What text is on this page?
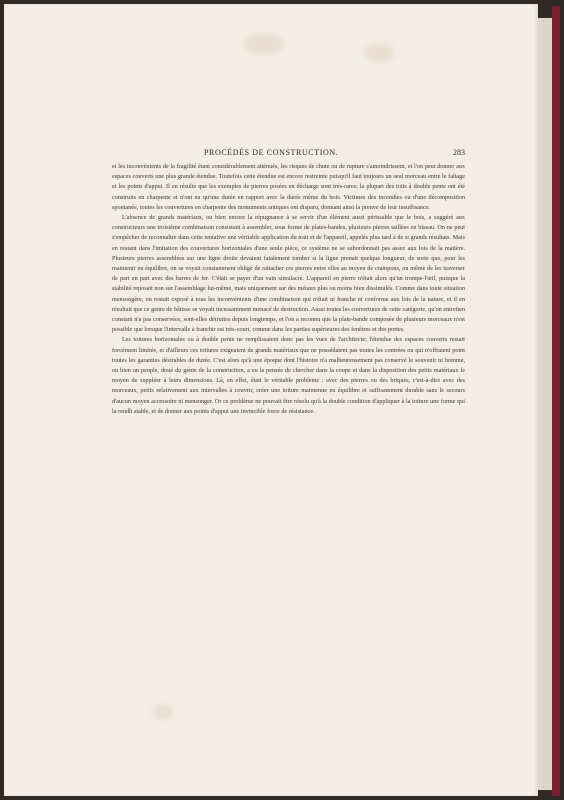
PROCÉDÉS DE CONSTRUCTION.	283

et les inconvénients de la fragilité étant considérablement atténués, les risques de chute ou de rupture s'amoindrissent, et l'on peut donner aux espaces couverts une plus grande étendue. Toutefois cette étendue est encore restreinte puisqu'il faut toujours un seul morceau entre le faîtage et les points d'appui. Il en résulte que les exemples de pierres posées en décharge sont très-rares; la plupart des toits à double pente ont été construits en charpente et n'ont eu qu'une durée en rapport avec la durée même du bois. Victimes des incendies ou d'une décomposition spontanée, toutes les couvertures en charpente des monuments antiques ont disparu, donnant ainsi la preuve de leur insuffisance.

L'absence de grands matériaux, ou bien encore la répugnance à se servir d'un élément aussi périssable que le bois, a suggéré aux constructeurs une troisième combinaison consistant à assembler, sous forme de plates-bandes, plusieurs pierres taillées en biseau. On ne peut s'empêcher de reconnaître dans cette tentative une véritable application du trait et de l'appareil, appelés plus tard à de si grands résultats. Mais en restant dans l'imitation des couvertures horizontales d'une seule pièce, ce système ne se subordonnait pas assez aux lois de la matière. Plusieurs pierres assemblées sur une ligne droite devaient fatalement tomber si la ligne prenait quelque longueur, de sorte que, pour les maintenir en équilibre, on se voyait constamment obligé de rattacher ces pierres entre elles au moyen de crampons, ou même de les traverser de part en part avec des barres de fer. C'était se payer d'un vain simulacre. L'appareil en pierre n'était alors qu'un trompe-l'œil, puisque la stabilité reposait non sur l'assemblage lui-même, mais uniquement sur des métaux plus ou moins bien dissimulés. Comme dans toute situation mensongère, on restait exposé à tous les inconvénients d'une combinaison qui n'était ni franche ni conforme aux lois de la nature, et il en résultait que ce genre de bâtisse se voyait incessamment menacé de destruction. Aussi toutes les couvertures de cette catégorie, qu'on entretien constant n'a pas conservées, sont-elles détruites depuis longtemps, et l'on a reconnu que la plate-bande composée de plusieurs morceaux n'est possible que lorsque l'intervalle à franchir est très-court, comme dans les parties supérieures des fenêtres et des portes.

Les toitures horizontales ou à double pente ne remplissaient donc pas les vues de l'architecte; l'étendue des espaces couverts restait forcément limitée, et d'ailleurs ces toitures exigeaient de grands matériaux que ne possédaient pas toutes les contrées ou qui n'offraient point toutes les garanties désirables de durée. C'est alors qu'à une époque dont l'histoire n'a malheureusement pas conservé le souvenir ni homme, ou bien un peuple, doué du génie de la construction, a eu la pensée de chercher dans la coupe et dans la disposition des petits matériaux le moyen de suppléer à leurs dimensions. Là, en effet, était le véritable problème : avec des pierres ou des briques, c'est-à-dire avec des morceaux, petits relativement aux intervalles à couvrir, créer une toiture maintenue en équilibre et suffisamment durable sans le secours d'aucun moyen accessoire ni mensonger. Or ce problème ne pouvait être résolu qu'à la double condition d'appliquer à la toiture une forme qui la rendît stable, et de donner aux points d'appui une invincible force de résistance.
